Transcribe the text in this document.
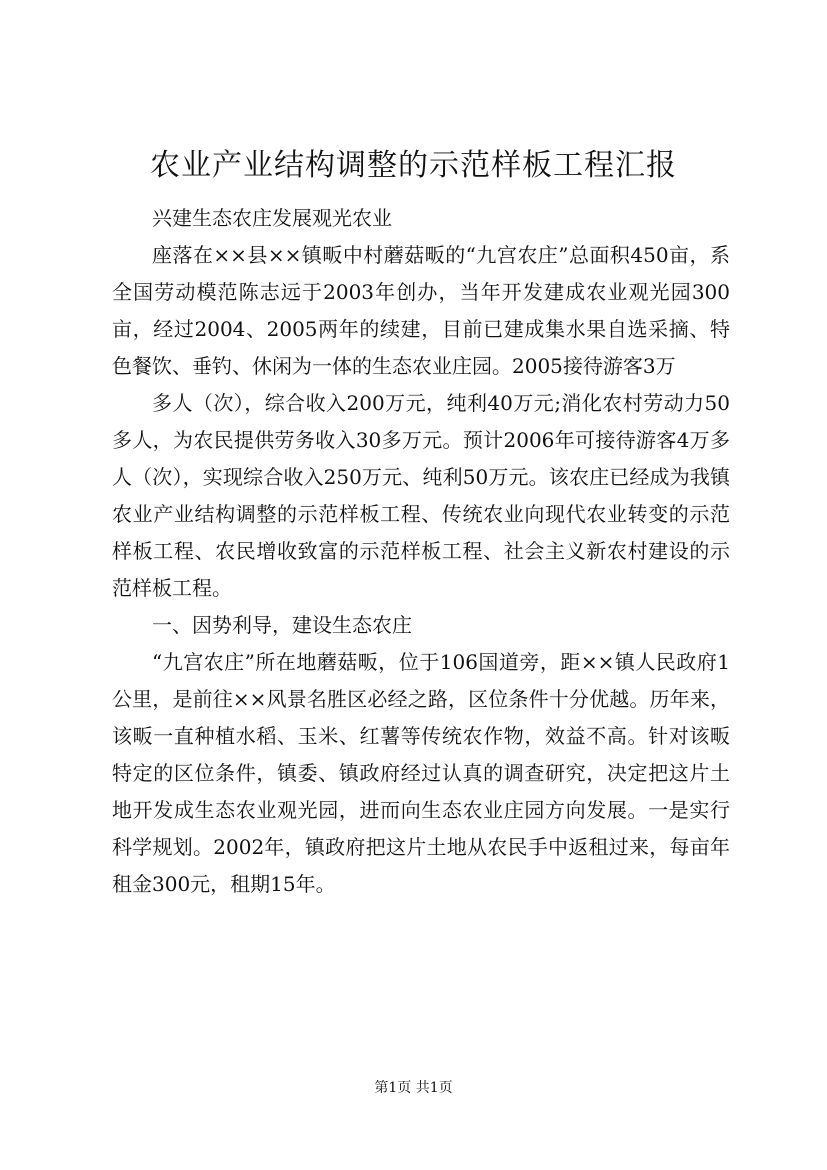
农业产业结构调整的示范样板工程汇报

兴建生态农庄发展观光农业

座落在××县××镇畈中村蘑菇畈的“九宫农庄”总面积450亩，系全国劳动模范陈志远于2003年创办，当年开发建成农业观光园300亩，经过2004、2005两年的续建，目前已建成集水果自选采摘、特色餐饮、垂钓、休闲为一体的生态农业庄园。2005接待游客3万

多人（次），综合收入200万元，纯利40万元;消化农村劳动力50多人，为农民提供劳务收入30多万元。预计2006年可接待游客4万多人（次），实现综合收入250万元、纯利50万元。该农庄已经成为我镇农业产业结构调整的示范样板工程、传统农业向现代农业转变的示范样板工程、农民增收致富的示范样板工程、社会主义新农村建设的示范样板工程。

一、因势利导，建设生态农庄

“九宫农庄”所在地蘑菇畈，位于106国道旁，距××镇人民政府1公里，是前往××风景名胜区必经之路，区位条件十分优越。历年来，该畈一直种植水稻、玉米、红薯等传统农作物，效益不高。针对该畈特定的区位条件，镇委、镇政府经过认真的调查研究，决定把这片土地开发成生态农业观光园，进而向生态农业庄园方向发展。一是实行科学规划。2002年，镇政府把这片土地从农民手中返租过来，每亩年租金300元，租期15年。

第1页 共1页
